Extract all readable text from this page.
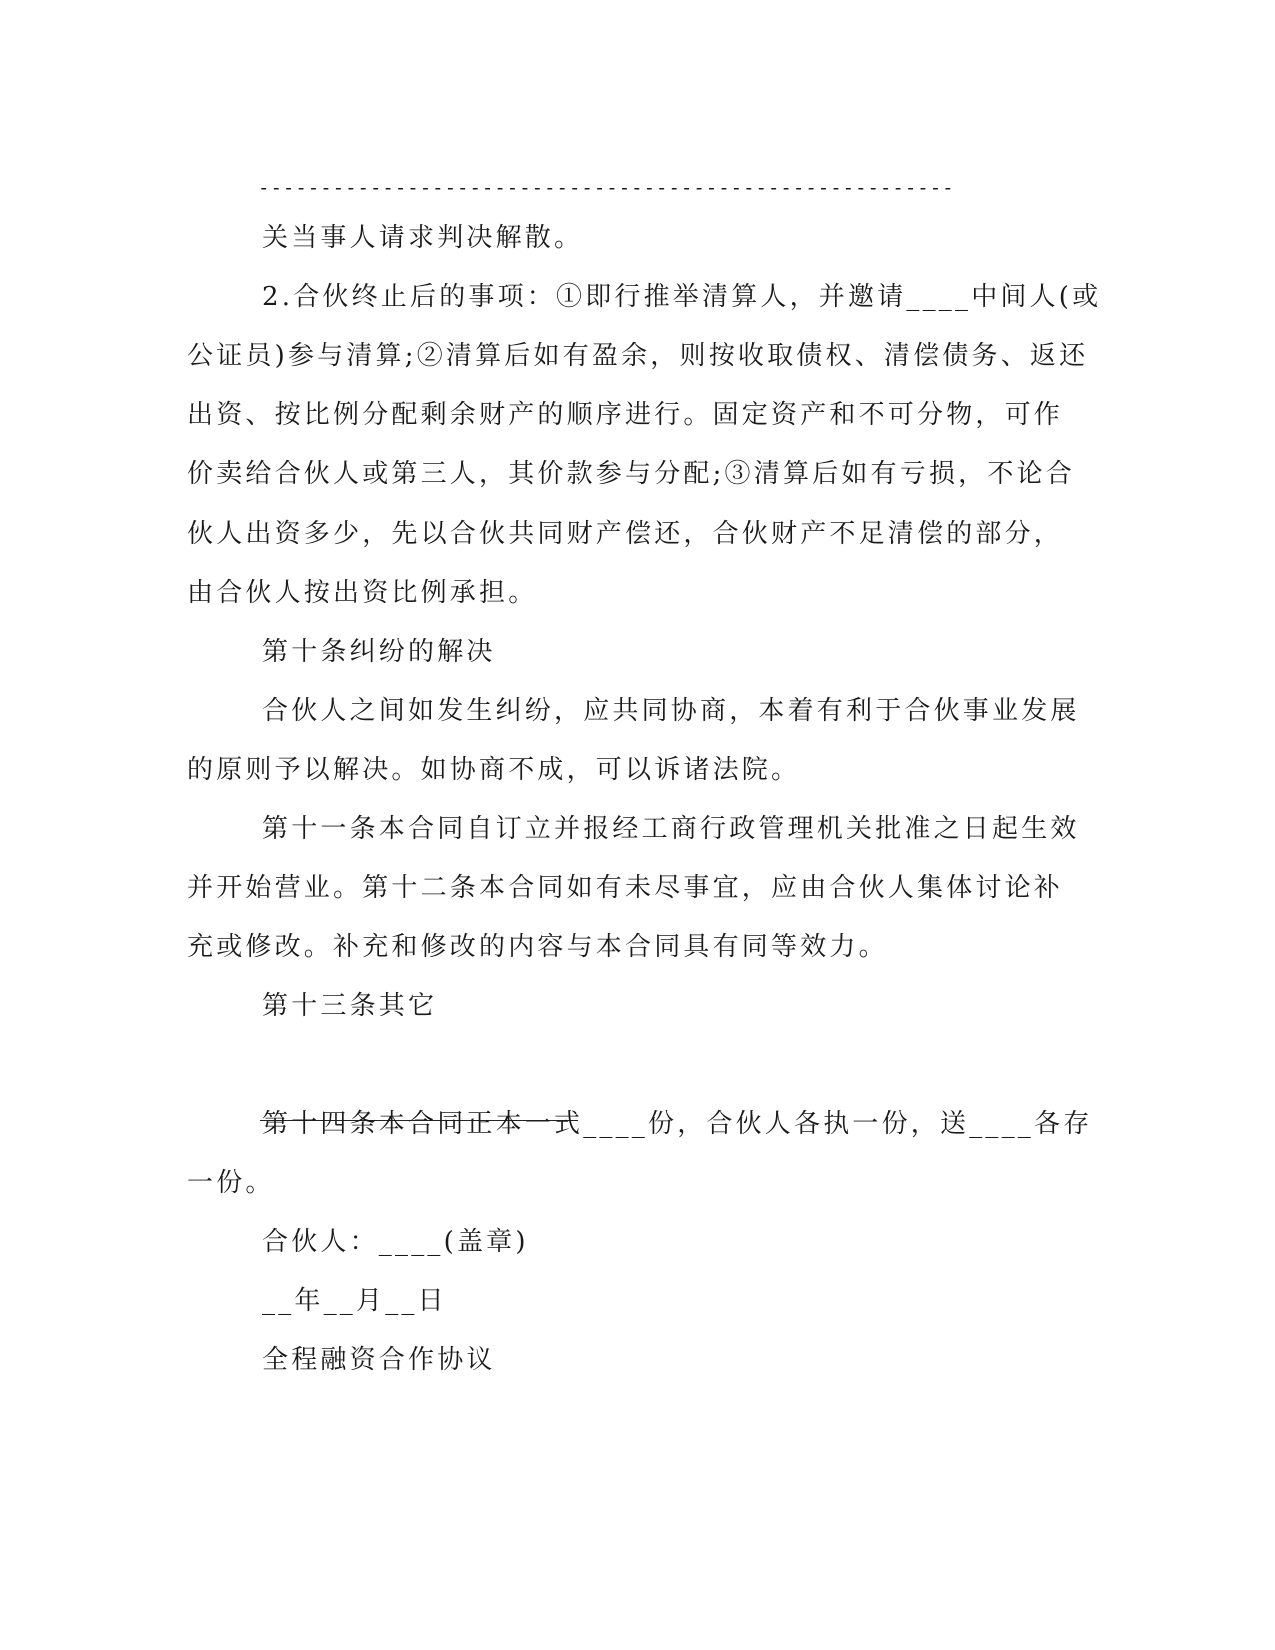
--------------------------------------------------------
关当事人请求判决解散。
2.合伙终止后的事项：①即行推举清算人，并邀请____中间人(或
公证员)参与清算;②清算后如有盈余，则按收取债权、清偿债务、返还
出资、按比例分配剩余财产的顺序进行。固定资产和不可分物，可作
价卖给合伙人或第三人，其价款参与分配;③清算后如有亏损，不论合
伙人出资多少，先以合伙共同财产偿还，合伙财产不足清偿的部分，
由合伙人按出资比例承担。
第十条纠纷的解决
合伙人之间如发生纠纷，应共同协商，本着有利于合伙事业发展
的原则予以解决。如协商不成，可以诉诸法院。
第十一条本合同自订立并报经工商行政管理机关批准之日起生效
并开始营业。第十二条本合同如有未尽事宜，应由合伙人集体讨论补
充或修改。补充和修改的内容与本合同具有同等效力。
第十三条其它
第十四条本合同正本一式____份，合伙人各执一份，送____各存
一份。
合伙人：____(盖章)
__年__月__日
全程融资合作协议
